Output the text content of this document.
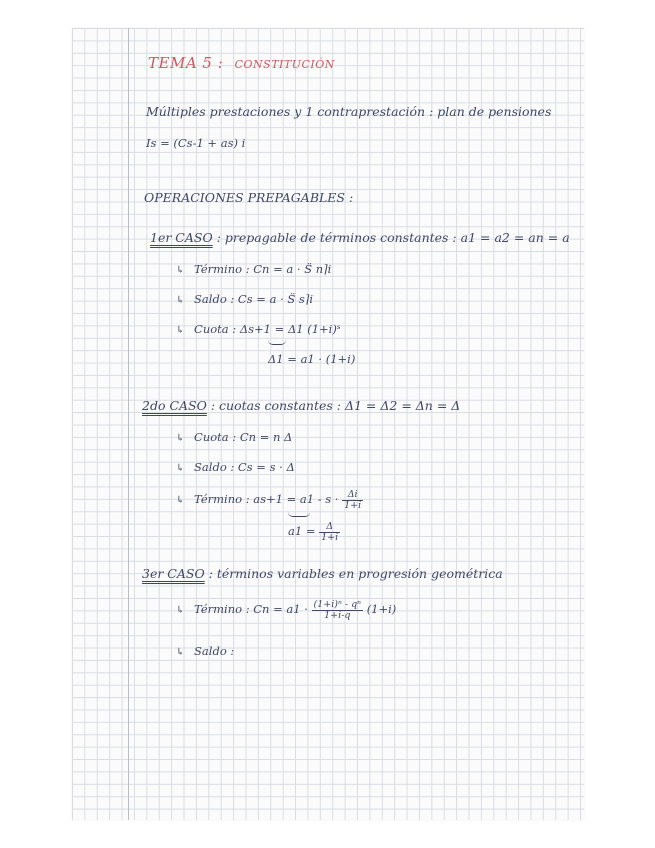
TEMA 5 : CONSTITUCIÓN
Múltiples prestaciones y 1 contraprestación : plan de pensiones
Is = (Cs-1 + as) i
OPERACIONES PREPAGABLES :
1er CASO : prepagable de términos constantes : a1 = a2 = an = a
↳ Término : Cn = a · S̈ n⌉i
↳ Saldo : Cs = a · S̈ s⌉i
↳ Cuota : Δs+1 = Δ1 (1+i)ˢ
Δ1 = a1 · (1+i)
2do CASO : cuotas constantes : Δ1 = Δ2 = Δn = Δ
↳ Cuota : Cn = n Δ
↳ Saldo : Cs = s · Δ
↳ Término : $as+1 = a1 - s \cdot \frac{\Delta i}{1+i}$
$a1 = \frac{\Delta}{1+i}$
3er CASO : términos variables en progresión geométrica
↳ Término : $Cn = a1 \cdot \frac{\text{(1+i)ⁿ - qⁿ}}{1+i-q} (1+i)$
↳ Saldo :
